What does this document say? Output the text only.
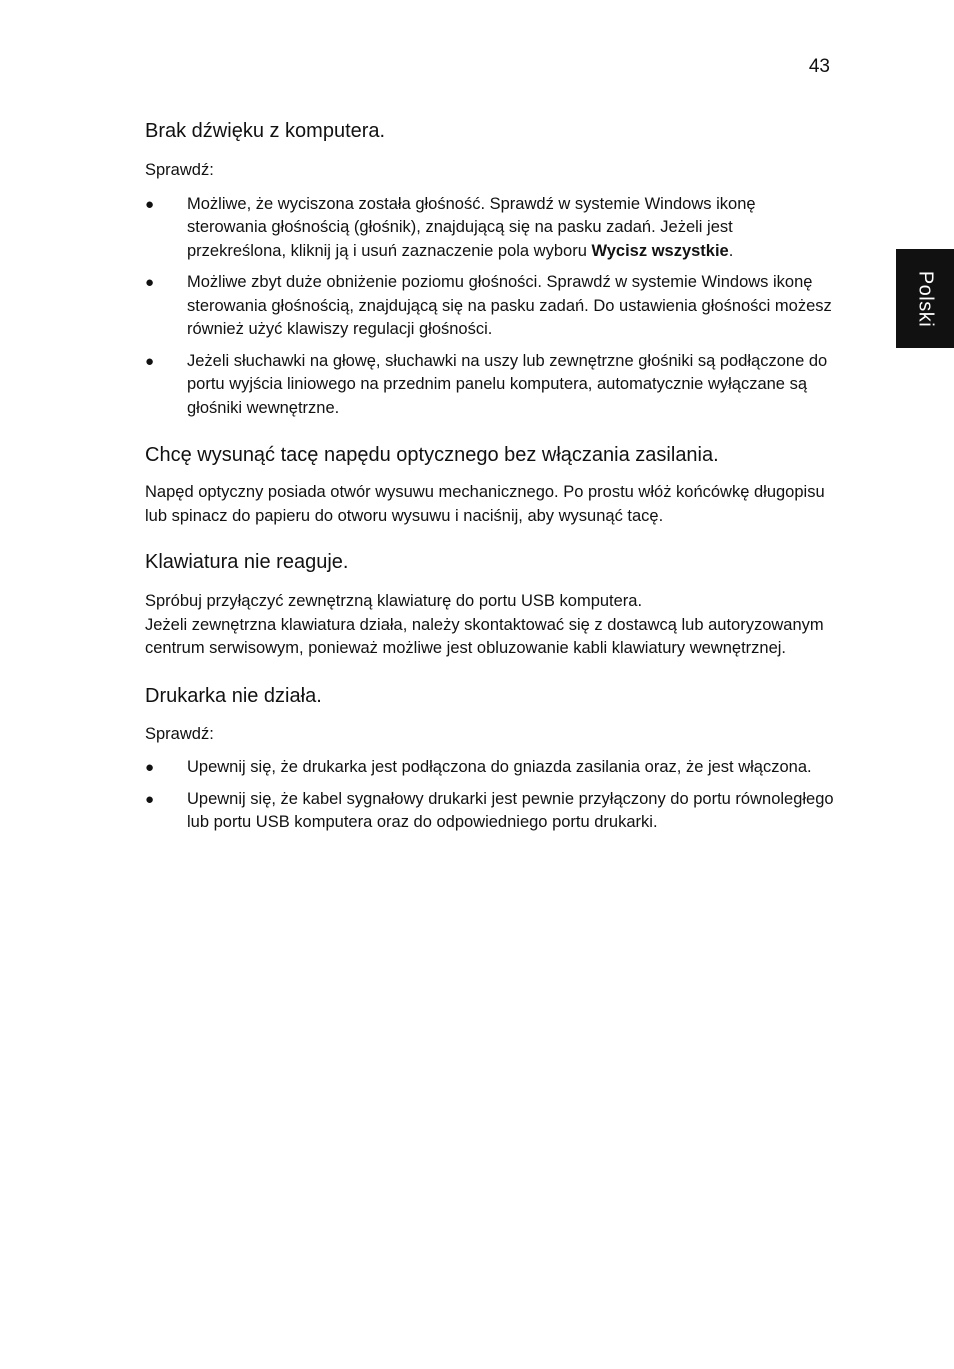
43
Polski
Brak dźwięku z komputera.

Sprawdź:

● Możliwe, że wyciszona została głośność. Sprawdź w systemie Windows ikonę sterowania głośnością (głośnik), znajdującą się na pasku zadań. Jeżeli jest przekreślona, kliknij ją i usuń zaznaczenie pola wyboru Wycisz wszystkie.
● Możliwe zbyt duże obniżenie poziomu głośności. Sprawdź w systemie Windows ikonę sterowania głośnością, znajdującą się na pasku zadań. Do ustawienia głośności możesz również użyć klawiszy regulacji głośności.
● Jeżeli słuchawki na głowę, słuchawki na uszy lub zewnętrzne głośniki są podłączone do portu wyjścia liniowego na przednim panelu komputera, automatycznie wyłączane są głośniki wewnętrzne.
Chcę wysunąć tacę napędu optycznego bez włączania zasilania.

Napęd optyczny posiada otwór wysuwu mechanicznego. Po prostu włóż końcówkę długopisu lub spinacz do papieru do otworu wysuwu i naciśnij, aby wysunąć tacę.

Klawiatura nie reaguje.

Spróbuj przyłączyć zewnętrzną klawiaturę do portu USB komputera.

Jeżeli zewnętrzna klawiatura działa, należy skontaktować się z dostawcą lub autoryzowanym centrum serwisowym, ponieważ możliwe jest obluzowanie kabli klawiatury wewnętrznej.

Drukarka nie działa.

Sprawdź:

● Upewnij się, że drukarka jest podłączona do gniazda zasilania oraz, że jest włączona.
● Upewnij się, że kabel sygnałowy drukarki jest pewnie przyłączony do portu równoległego lub portu USB komputera oraz do odpowiedniego portu drukarki.
